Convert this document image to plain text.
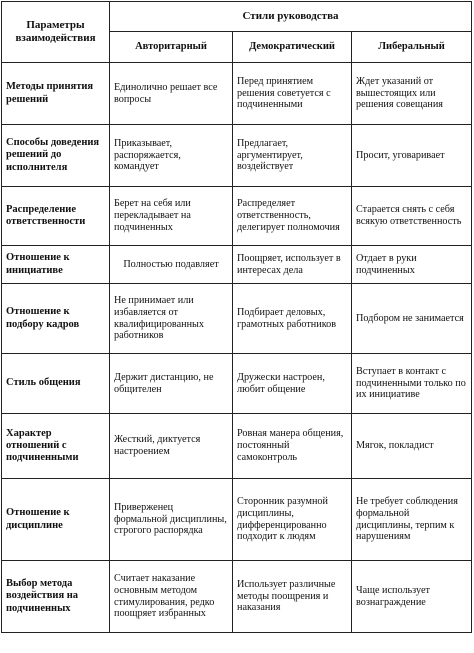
Параметры
взаимодействия	Стили руководства		
	Авторитарный	Демократический	Либеральный
Методы принятия решений	Единолично решает все вопросы	Перед принятием решения советуется с подчиненными	Ждет указаний от вышестоящих или решения совещания
Способы доведения решений до исполнителя	Приказывает, распоряжается, командует	Предлагает, аргументирует, воздействует	Просит, уговаривает
Распределение ответственности	Берет на себя или перекладывает на подчиненных	Распределяет ответственность, делегирует полномочия	Старается снять с себя всякую ответственность
Отношение к инициативе	Полностью подавляет	Поощряет, использует в интересах дела	Отдает в руки подчиненных
Отношение к подбору кадров	Не принимает или избавляется от квалифицированных работников	Подбирает деловых, грамотных работников	Подбором не занимается
Стиль общения	Держит дистанцию, не общителен	Дружески настроен, любит общение	Вступает в контакт с подчиненными только по их инициативе
Характер отношений с подчиненными	Жесткий, диктуется настроением	Ровная манера общения, постоянный самоконтроль	Мягок, покладист
Отношение к дисциплине	Приверженец формальной дисциплины, строгого распорядка	Сторонник разумной дисциплины, дифференцированно подходит к людям	Не требует соблюдения формальной дисциплины, терпим к нарушениям
Выбор метода воздействия на подчиненных	Считает наказание основным методом стимулирования, редко поощряет избранных	Использует различные методы поощрения и наказания	Чаще использует вознаграждение
